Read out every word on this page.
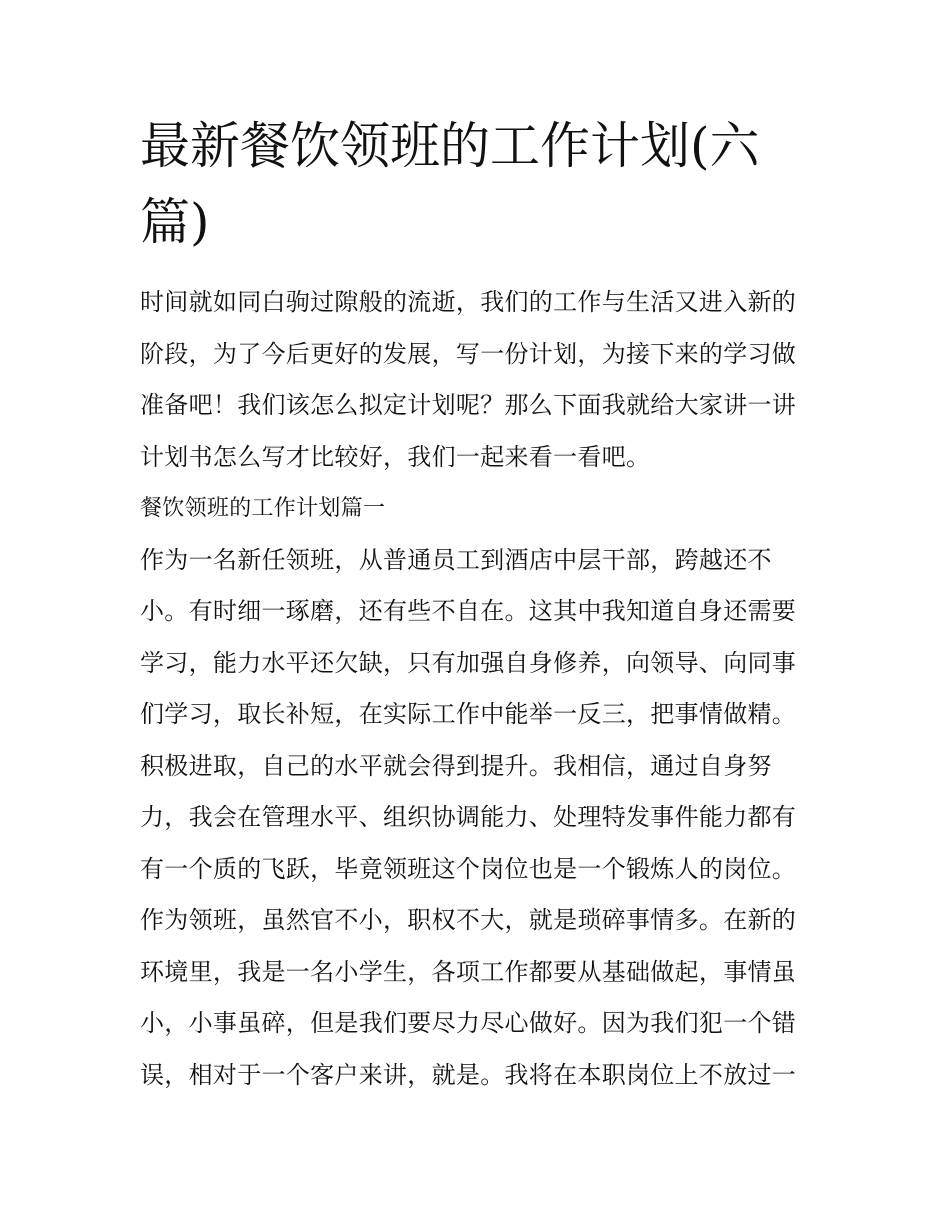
最新餐饮领班的工作计划(六
篇)
时间就如同白驹过隙般的流逝，我们的工作与生活又进入新的
阶段，为了今后更好的发展，写一份计划，为接下来的学习做
准备吧！我们该怎么拟定计划呢？那么下面我就给大家讲一讲
计划书怎么写才比较好，我们一起来看一看吧。
餐饮领班的工作计划篇一
作为一名新任领班，从普通员工到酒店中层干部，跨越还不
小。有时细一琢磨，还有些不自在。这其中我知道自身还需要
学习，能力水平还欠缺，只有加强自身修养，向领导、向同事
们学习，取长补短，在实际工作中能举一反三，把事情做精。
积极进取，自己的水平就会得到提升。我相信，通过自身努
力，我会在管理水平、组织协调能力、处理特发事件能力都有
有一个质的飞跃，毕竟领班这个岗位也是一个锻炼人的岗位。
作为领班，虽然官不小，职权不大，就是琐碎事情多。在新的
环境里，我是一名小学生，各项工作都要从基础做起，事情虽
小，小事虽碎，但是我们要尽力尽心做好。因为我们犯一个错
误，相对于一个客户来讲，就是。我将在本职岗位上不放过一
